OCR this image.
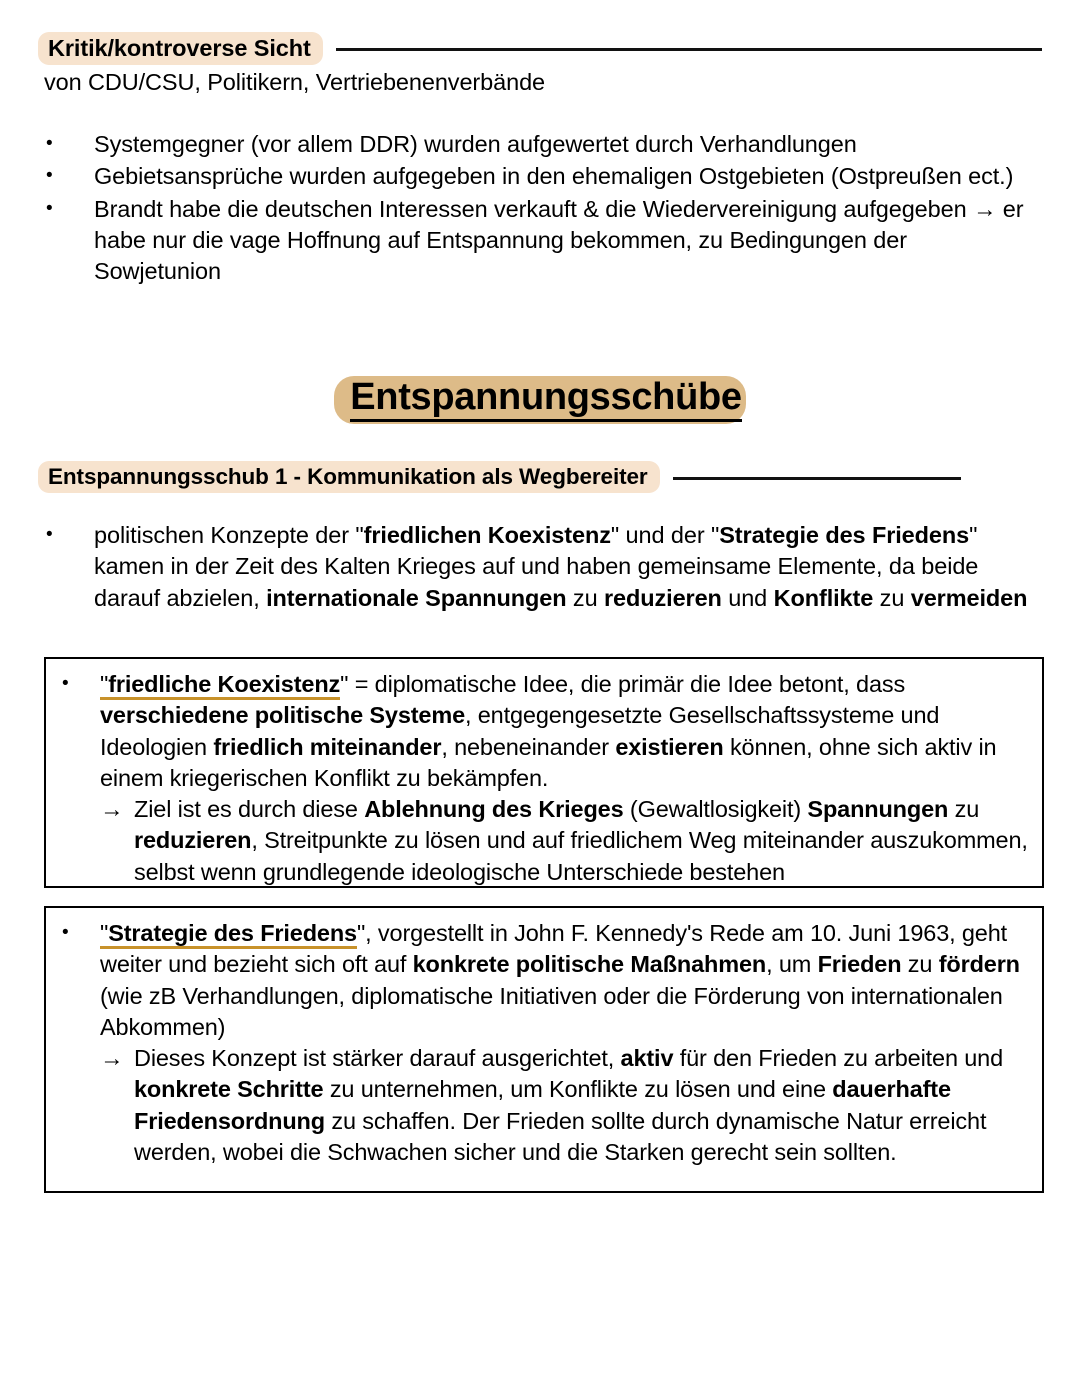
Kritik/kontroverse Sicht
von CDU/CSU, Politikern, Vertriebenenverbände
•	Systemgegner (vor allem DDR) wurden aufgewertet durch Verhandlungen
•	Gebietsansprüche wurden aufgegeben in den ehemaligen Ostgebieten (Ostpreußen ect.)
•	Brandt habe die deutschen Interessen verkauft & die Wiedervereinigung aufgegeben → er habe nur die vage Hoffnung auf Entspannung bekommen, zu Bedingungen der Sowjetunion
Entspannungsschübe
Entspannungsschub 1 - Kommunikation als Wegbereiter
•	politischen Konzepte der "friedlichen Koexistenz" und der "Strategie des Friedens" kamen in der Zeit des Kalten Krieges auf und haben gemeinsame Elemente, da beide darauf abzielen, internationale Spannungen zu reduzieren und Konflikte zu vermeiden
•	"friedliche Koexistenz" = diplomatische Idee, die primär die Idee betont, dass verschiedene politische Systeme, entgegengesetzte Gesellschaftssysteme und Ideologien friedlich miteinander, nebeneinander existieren können, ohne sich aktiv in einem kriegerischen Konflikt zu bekämpfen.
→ Ziel ist es durch diese Ablehnung des Krieges (Gewaltlosigkeit) Spannungen zu reduzieren, Streitpunkte zu lösen und auf friedlichem Weg miteinander auszukommen, selbst wenn grundlegende ideologische Unterschiede bestehen
•	"Strategie des Friedens", vorgestellt in John F. Kennedy's Rede am 10. Juni 1963, geht weiter und bezieht sich oft auf konkrete politische Maßnahmen, um Frieden zu fördern (wie zB Verhandlungen, diplomatische Initiativen oder die Förderung von internationalen Abkommen)
→ Dieses Konzept ist stärker darauf ausgerichtet, aktiv für den Frieden zu arbeiten und konkrete Schritte zu unternehmen, um Konflikte zu lösen und eine dauerhafte Friedensordnung zu schaffen. Der Frieden sollte durch dynamische Natur erreicht werden, wobei die Schwachen sicher und die Starken gerecht sein sollten.
